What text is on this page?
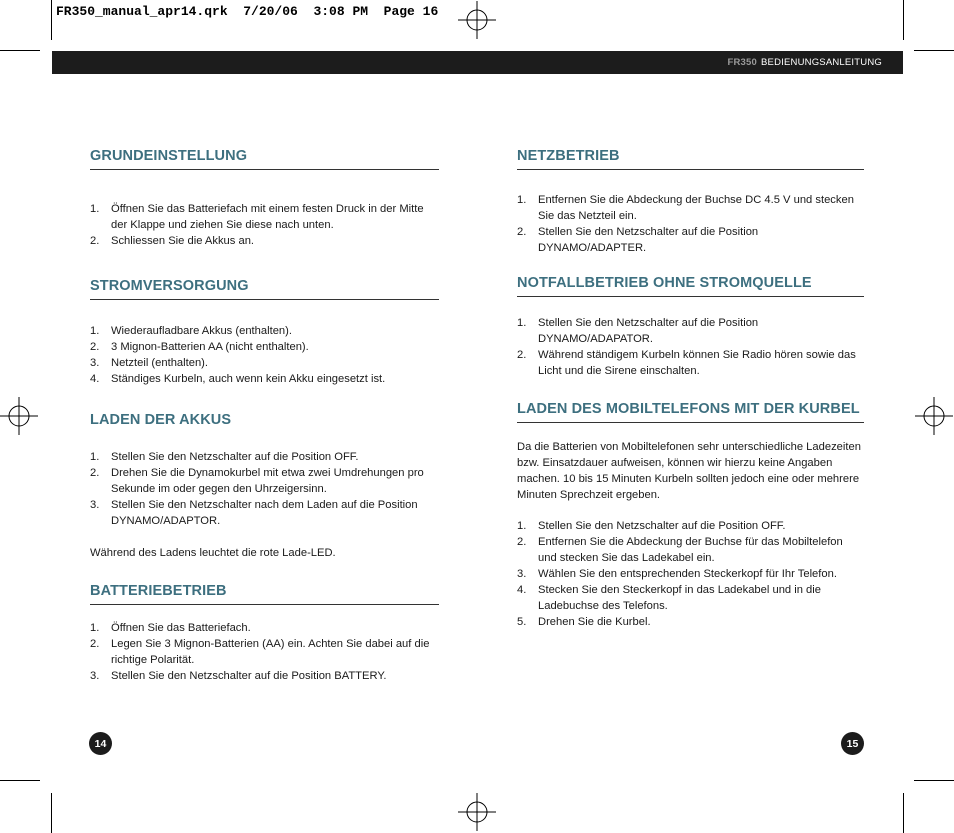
FR350_manual_apr14.qrk  7/20/06  3:08 PM  Page 16
FR350 BEDIENUNGSANLEITUNG
GRUNDEINSTELLUNG
1. Öffnen Sie das Batteriefach mit einem festen Druck in der Mitte der Klappe und ziehen Sie diese nach unten.
2. Schliessen Sie die Akkus an.
STROMVERSORGUNG
1. Wiederaufladbare Akkus (enthalten).
2. 3 Mignon-Batterien AA (nicht enthalten).
3. Netzteil (enthalten).
4. Ständiges Kurbeln, auch wenn kein Akku eingesetzt ist.
LADEN DER AKKUS
1. Stellen Sie den Netzschalter auf die Position OFF.
2. Drehen Sie die Dynamokurbel mit etwa zwei Umdrehungen pro Sekunde im oder gegen den Uhrzeigersinn.
3. Stellen Sie den Netzschalter nach dem Laden auf die Position DYNAMO/ADAPTOR.

Während des Ladens leuchtet die rote Lade-LED.

BATTERIEBETRIEB
1. Öffnen Sie das Batteriefach.
2. Legen Sie 3 Mignon-Batterien (AA) ein. Achten Sie dabei auf die richtige Polarität.
3. Stellen Sie den Netzschalter auf die Position BATTERY.
NETZBETRIEB
1. Entfernen Sie die Abdeckung der Buchse DC 4.5 V und stecken Sie das Netzteil ein.
2. Stellen Sie den Netzschalter auf die Position DYNAMO/ADAPTER.
NOTFALLBETRIEB OHNE STROMQUELLE
1. Stellen Sie den Netzschalter auf die Position DYNAMO/ADAPATOR.
2. Während ständigem Kurbeln können Sie Radio hören sowie das Licht und die Sirene einschalten.
LADEN DES MOBILTELEFONS MIT DER KURBEL

Da die Batterien von Mobiltelefonen sehr unterschiedliche Ladezeiten bzw. Einsatzdauer aufweisen, können wir hierzu keine Angaben machen. 10 bis 15 Minuten Kurbeln sollten jedoch eine oder mehrere Minuten Sprechzeit ergeben.

1. Stellen Sie den Netzschalter auf die Position OFF.
2. Entfernen Sie die Abdeckung der Buchse für das Mobiltelefon und stecken Sie das Ladekabel ein.
3. Wählen Sie den entsprechenden Steckerkopf für Ihr Telefon.
4. Stecken Sie den Steckerkopf in das Ladekabel und in die Ladebuchse des Telefons.
5. Drehen Sie die Kurbel.
14	15
